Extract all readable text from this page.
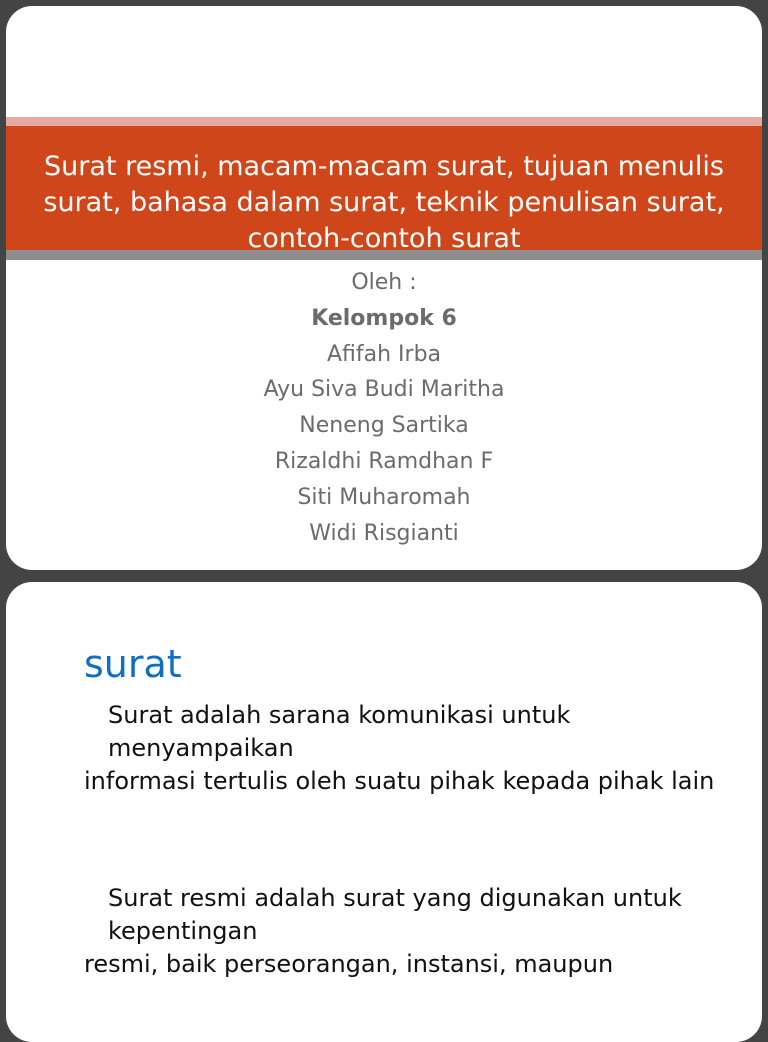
Surat resmi, macam-macam surat, tujuan menulis surat, bahasa dalam surat, teknik penulisan surat, contoh-contoh surat
Oleh :
Kelompok 6
Afifah Irba
Ayu Siva Budi Maritha
Neneng Sartika
Rizaldhi Ramdhan F
Siti Muharomah
Widi Risgianti
surat

Surat adalah sarana komunikasi untuk menyampaikan

informasi tertulis oleh suatu pihak kepada pihak lain

Surat resmi adalah surat yang digunakan untuk kepentingan

resmi, baik perseorangan, instansi, maupun
